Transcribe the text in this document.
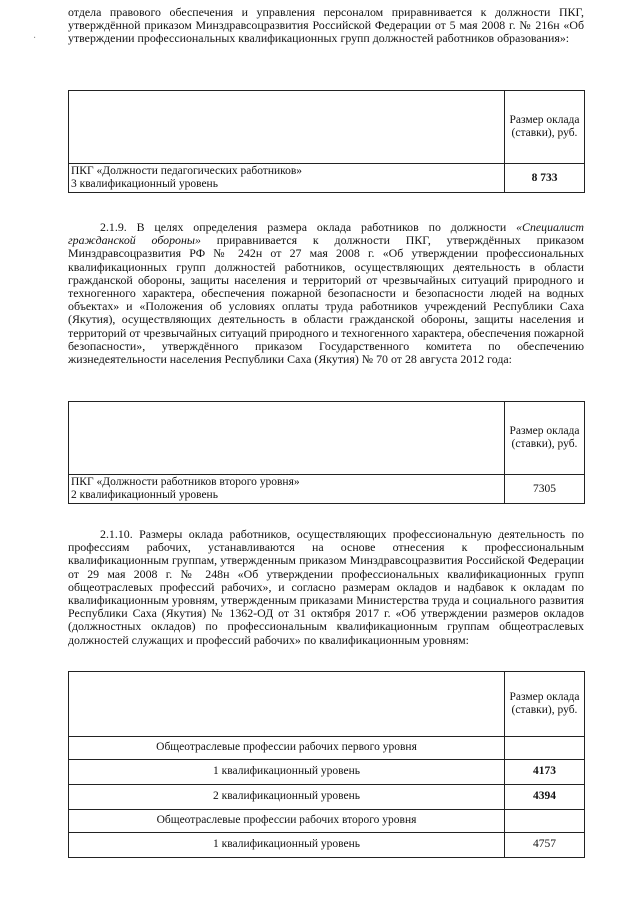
.

отдела правового обеспечения и управления персоналом приравнивается к должности ПКГ, утверждённой приказом Минздравсоцразвития Российской Федерации от 5 мая 2008 г. № 216н «Об утверждении профессиональных квалификационных групп должностей работников образования»:

	Размер оклада (ставки), руб.

ПКГ «Должности педагогических работников»
3 квалификационный уровень	8 733

2.1.9. В целях определения размера оклада работников по должности «Специалист гражданской обороны» приравнивается к должности ПКГ, утверждённых приказом Минздравсоцразвития РФ № 242н от 27 мая 2008 г. «Об утверждении профессиональных квалификационных групп должностей работников, осуществляющих деятельность в области гражданской обороны, защиты населения и территорий от чрезвычайных ситуаций природного и техногенного характера, обеспечения пожарной безопасности и безопасности людей на водных объектах» и «Положения об условиях оплаты труда работников учреждений Республики Саха (Якутия), осуществляющих деятельность в области гражданской обороны, защиты населения и территорий от чрезвычайных ситуаций природного и техногенного характера, обеспечения пожарной безопасности», утверждённого приказом Государственного комитета по обеспечению жизнедеятельности населения Республики Саха (Якутия) № 70 от 28 августа 2012 года:

	Размер оклада (ставки), руб.

ПКГ «Должности работников второго уровня»
2 квалификационный уровень	7305

2.1.10. Размеры оклада работников, осуществляющих профессиональную деятельность по профессиям рабочих, устанавливаются на основе отнесения к профессиональным квалификационным группам, утвержденным приказом Минздравсоцразвития Российской Федерации от 29 мая 2008 г. № 248н «Об утверждении профессиональных квалификационных групп общеотраслевых профессий рабочих», и согласно размерам окладов и надбавок к окладам по квалификационным уровням, утвержденным приказами Министерства труда и социального развития Республики Саха (Якутия) № 1362-ОД от 31 октября 2017 г. «Об утверждении размеров окладов (должностных окладов) по профессиональным квалификационным группам общеотраслевых должностей служащих и профессий рабочих» по квалификационным уровням:

	Размер оклада (ставки), руб.
Общеотраслевые профессии рабочих первого уровня	
1 квалификационный уровень	4173
2 квалификационный уровень	4394
Общеотраслевые профессии рабочих второго уровня	
1 квалификационный уровень	4757
